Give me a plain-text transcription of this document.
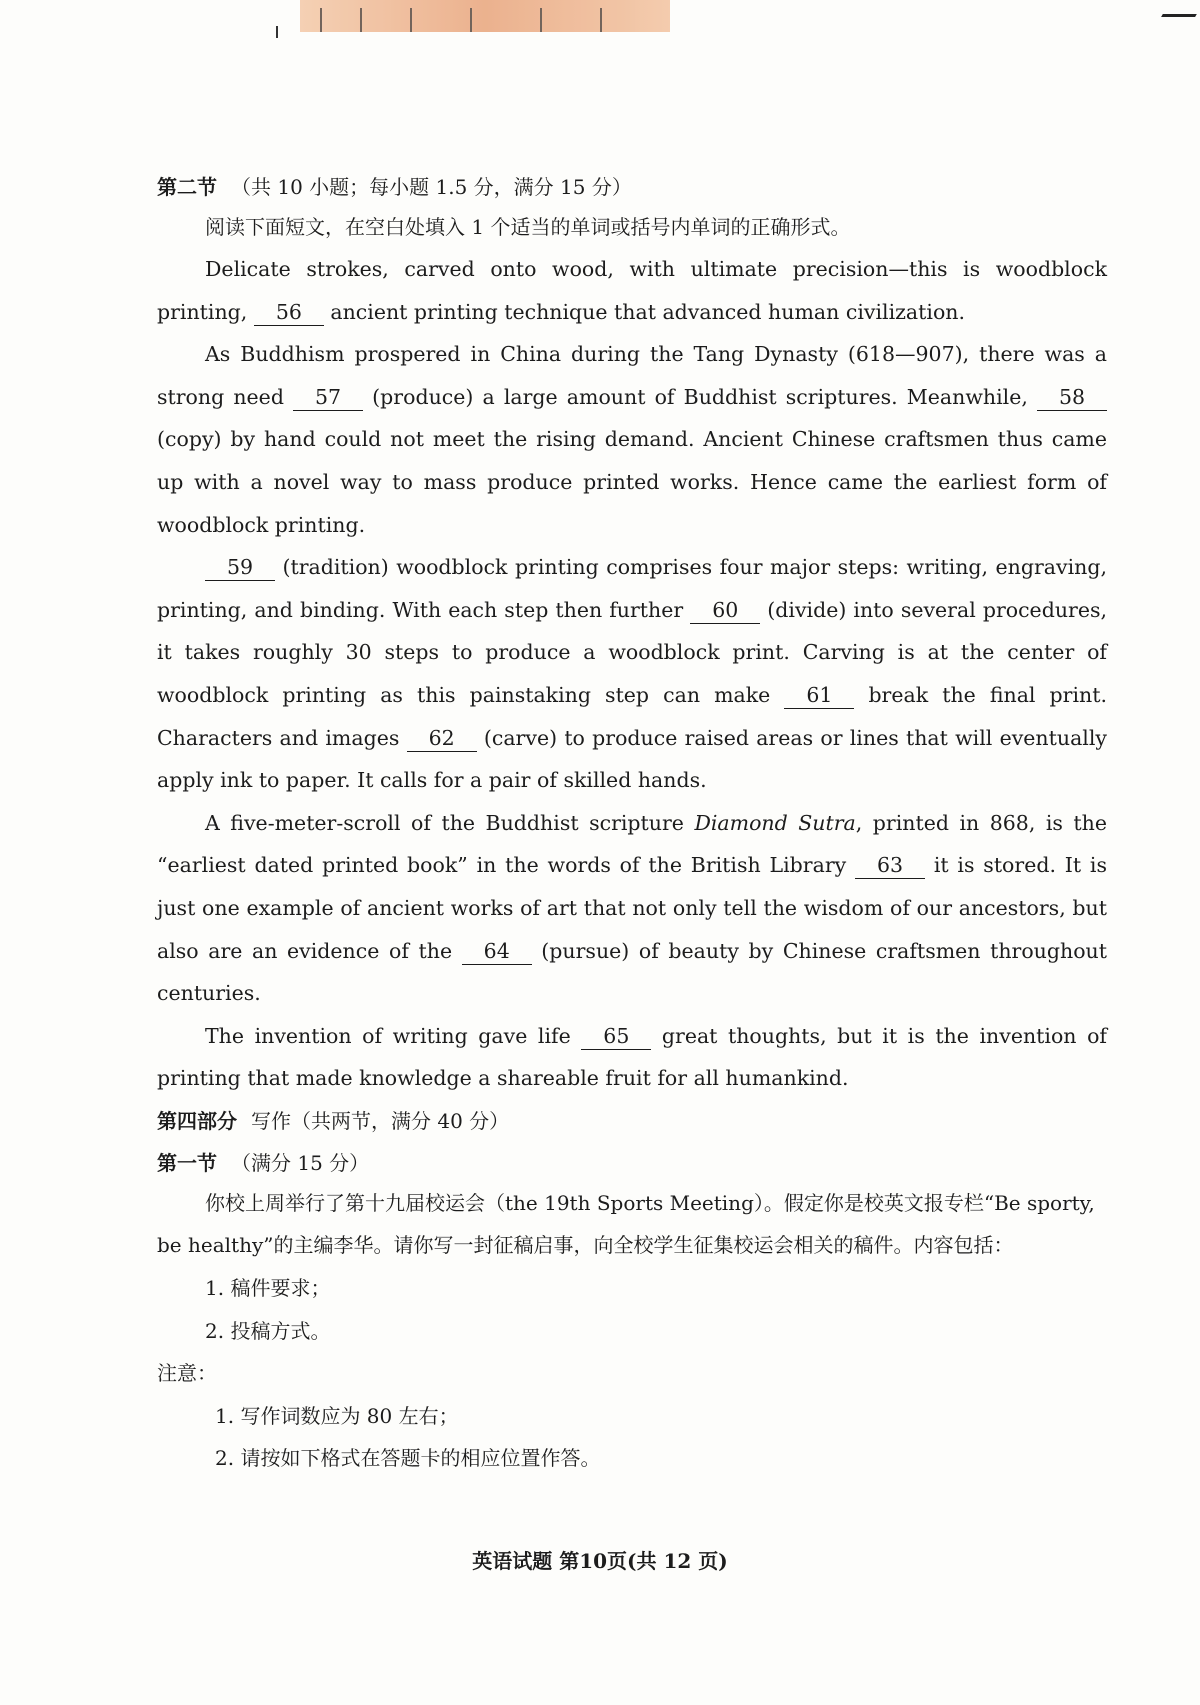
第二节 （共 10 小题；每小题 1.5 分，满分 15 分）
阅读下面短文，在空白处填入 1 个适当的单词或括号内单词的正确形式。

Delicate strokes, carved onto wood, with ultimate precision—this is woodblock printing, 56 ancient printing technique that advanced human civilization.

As Buddhism prospered in China during the Tang Dynasty (618—907), there was a strong need 57 (produce) a large amount of Buddhist scriptures. Meanwhile, 58 (copy) by hand could not meet the rising demand. Ancient Chinese craftsmen thus came up with a novel way to mass produce printed works. Hence came the earliest form of woodblock printing.

59 (tradition) woodblock printing comprises four major steps: writing, engraving, printing, and binding. With each step then further 60 (divide) into several procedures, it takes roughly 30 steps to produce a woodblock print. Carving is at the center of woodblock printing as this painstaking step can make 61 break the final print. Characters and images 62 (carve) to produce raised areas or lines that will eventually apply ink to paper. It calls for a pair of skilled hands.

A five-meter-scroll of the Buddhist scripture Diamond Sutra, printed in 868, is the “earliest dated printed book” in the words of the British Library 63 it is stored. It is just one example of ancient works of art that not only tell the wisdom of our ancestors, but also are an evidence of the 64 (pursue) of beauty by Chinese craftsmen throughout centuries.

The invention of writing gave life 65 great thoughts, but it is the invention of printing that made knowledge a shareable fruit for all humankind.

第四部分 写作（共两节，满分 40 分）
第一节 （满分 15 分）

你校上周举行了第十九届校运会（the 19th Sports Meeting）。假定你是校英文报专栏“Be sporty, be healthy”的主编李华。请你写一封征稿启事，向全校学生征集校运会相关的稿件。内容包括：

1. 稿件要求；

2. 投稿方式。

注意：

1. 写作词数应为 80 左右；

2. 请按如下格式在答题卡的相应位置作答。

英语试题 第10页(共 12 页)
